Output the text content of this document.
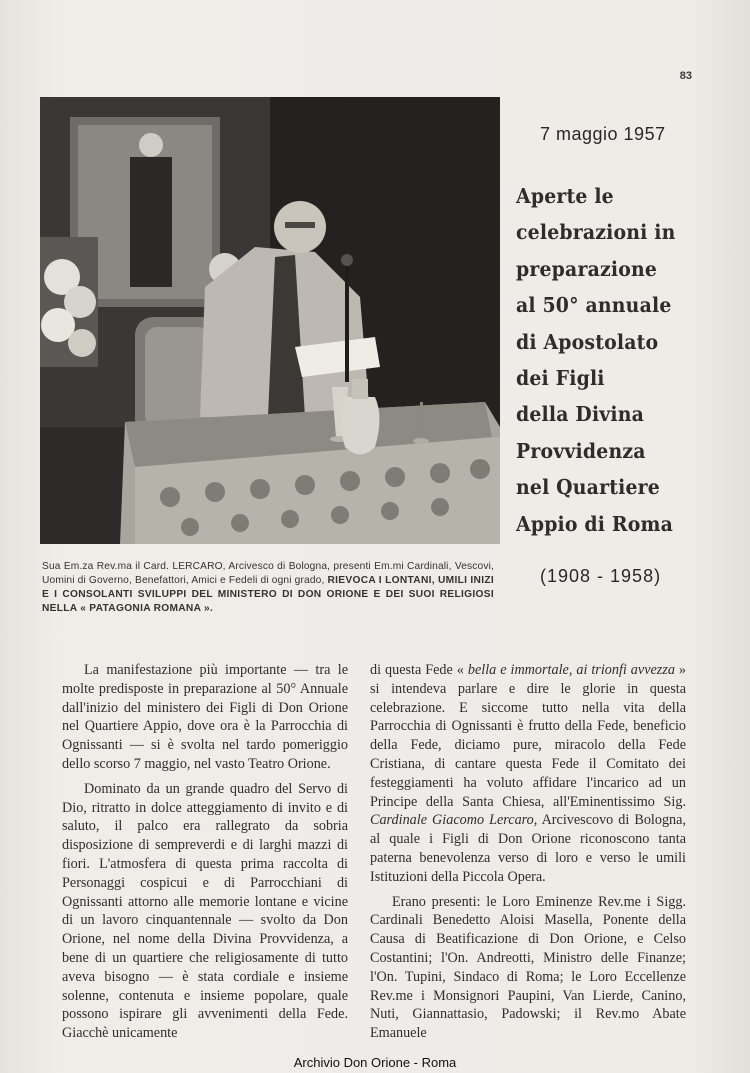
83
Sua Em.za Rev.ma il Card. LERCARO, Arcivesco di Bologna, presenti Em.mi Cardinali, Vescovi, Uomini di Governo, Benefattori, Amici e Fedeli di ogni grado, RIEVOCA I LONTANI, UMILI INIZI E I CONSOLANTI SVILUPPI DEL MINISTERO DI DON ORIONE E DEI SUOI RELIGIOSI NELLA « PATAGONIA ROMANA ».
7 maggio 1957
Aperte le
celebrazioni in
preparazione
al 50° annuale
di Apostolato
dei Figli
della Divina
Provvidenza
nel Quartiere
Appio di Roma
(1908 - 1958)

La manifestazione più importante — tra le molte predisposte in preparazione al 50° Annuale dall'inizio del ministero dei Figli di Don Orione nel Quartiere Appio, dove ora è la Parrocchia di Ognissanti — si è svolta nel tardo pomeriggio dello scorso 7 maggio, nel vasto Teatro Orione.

Dominato da un grande quadro del Servo di Dio, ritratto in dolce atteggiamento di invito e di saluto, il palco era rallegrato da sobria disposizione di sempreverdi e di larghi mazzi di fiori. L'atmosfera di questa prima raccolta di Personaggi cospicui e di Parrocchiani di Ognissanti attorno alle memorie lontane e vicine di un lavoro cinquantennale — svolto da Don Orione, nel nome della Divina Provvidenza, a bene di un quartiere che religiosamente di tutto aveva bisogno — è stata cordiale e insieme solenne, contenuta e insieme popolare, quale possono ispirare gli avvenimenti della Fede. Giacchè unicamente

di questa Fede « bella e immortale, ai trionfi avvezza » si intendeva parlare e dire le glorie in questa celebrazione. E siccome tutto nella vita della Parrocchia di Ognissanti è frutto della Fede, beneficio della Fede, diciamo pure, miracolo della Fede Cristiana, di cantare questa Fede il Comitato dei festeggiamenti ha voluto affidare l'incarico ad un Principe della Santa Chiesa, all'Eminentissimo Sig. Cardinale Giacomo Lercaro, Arcivescovo di Bologna, al quale i Figli di Don Orione riconoscono tanta paterna benevolenza verso di loro e verso le umili Istituzioni della Piccola Opera.

Erano presenti: le Loro Eminenze Rev.me i Sigg. Cardinali Benedetto Aloisi Masella, Ponente della Causa di Beatificazione di Don Orione, e Celso Costantini; l'On. Andreotti, Ministro delle Finanze; l'On. Tupini, Sindaco di Roma; le Loro Eccellenze Rev.me i Monsignori Paupini, Van Lierde, Canino, Nuti, Giannattasio, Padowski; il Rev.mo Abate Emanuele

Archivio Don Orione - Roma
